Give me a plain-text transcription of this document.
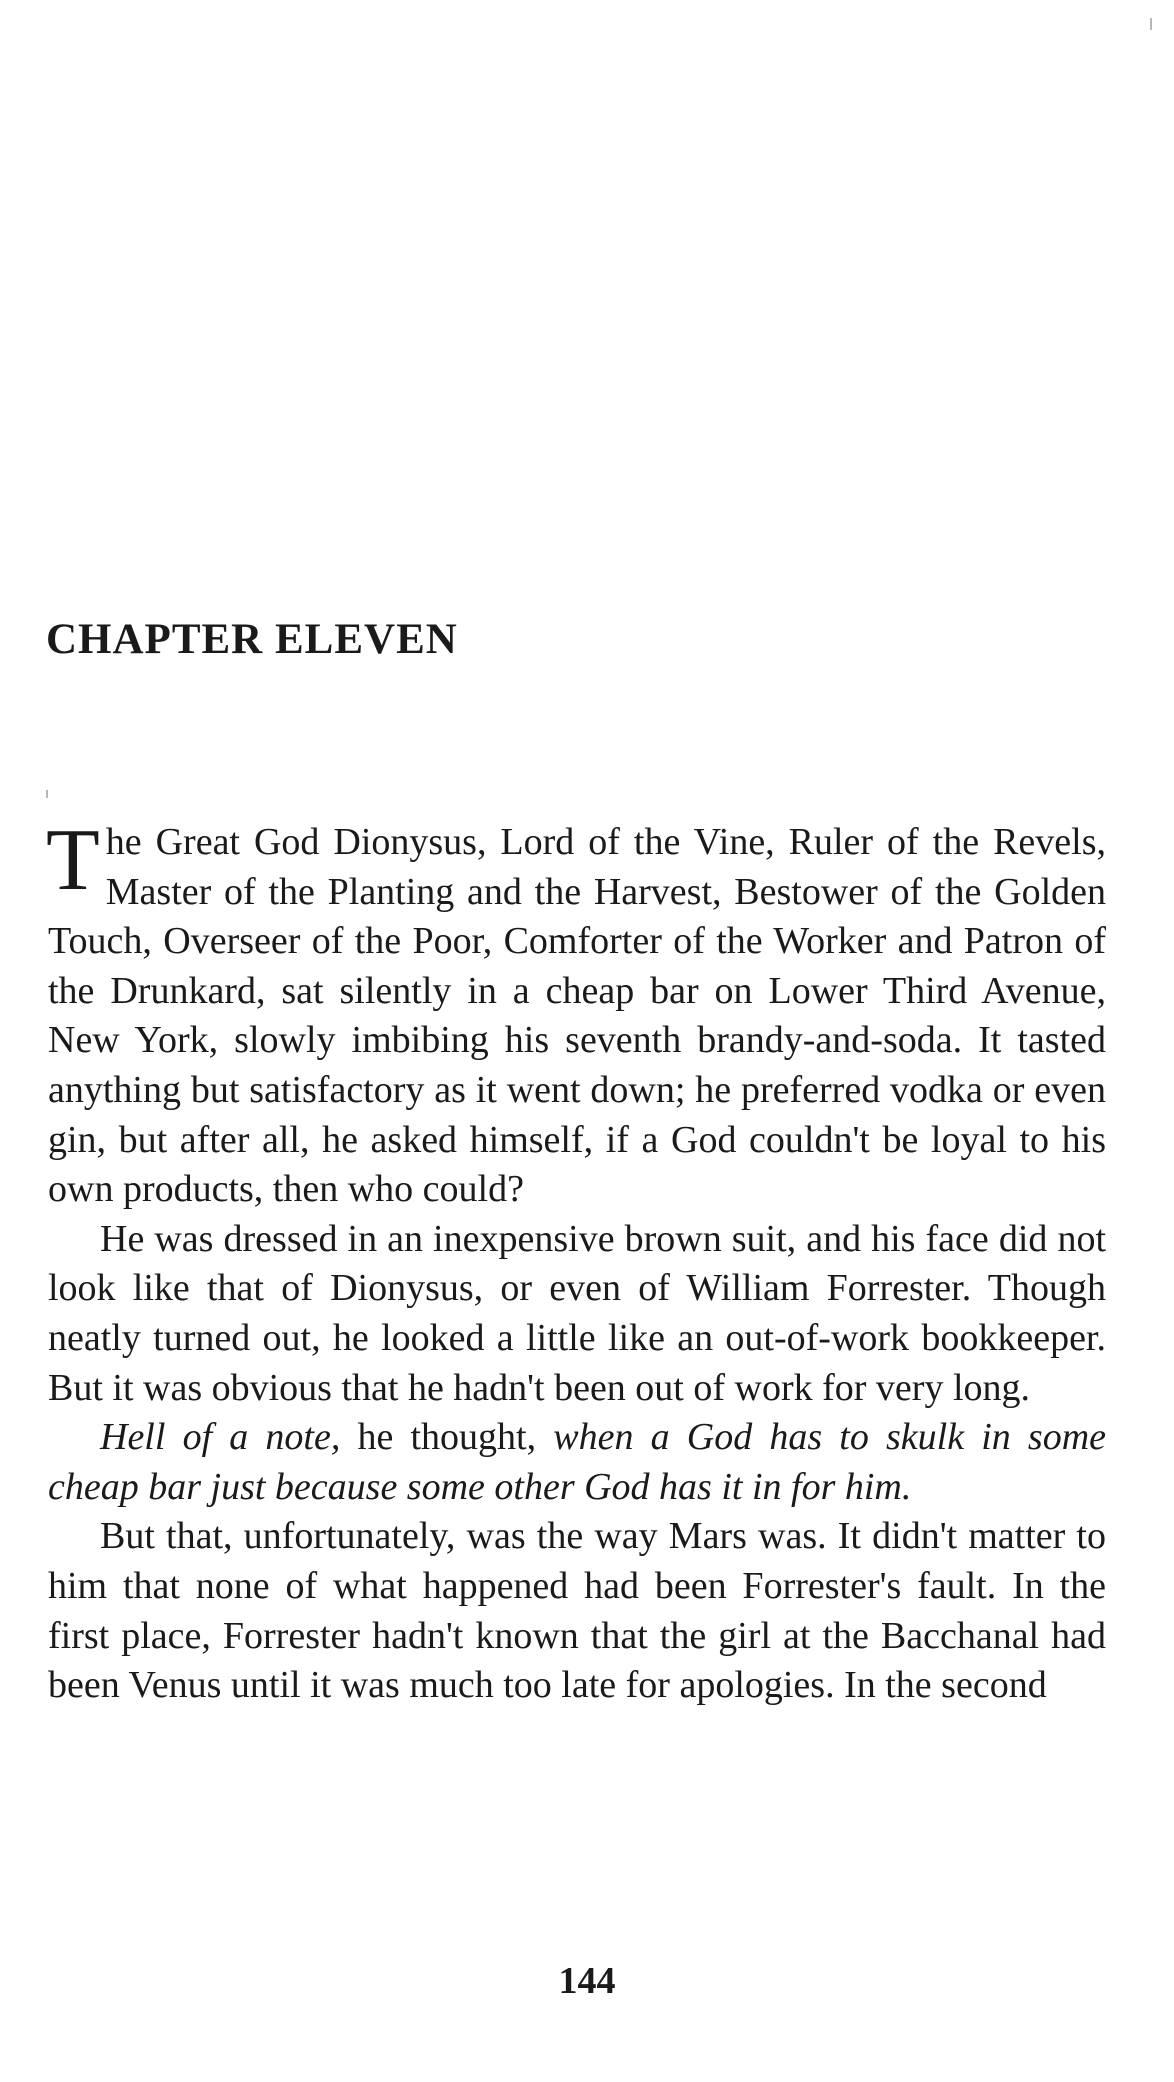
CHAPTER ELEVEN

The Great God Dionysus, Lord of the Vine, Ruler of the Revels, Master of the Planting and the Harvest, Bestower of the Golden Touch, Overseer of the Poor, Comforter of the Worker and Patron of the Drunkard, sat silently in a cheap bar on Lower Third Avenue, New York, slowly imbibing his seventh brandy-and-soda. It tasted anything but satisfactory as it went down; he preferred vodka or even gin, but after all, he asked himself, if a God couldn't be loyal to his own products, then who could?

He was dressed in an inexpensive brown suit, and his face did not look like that of Dionysus, or even of William Forrester. Though neatly turned out, he looked a little like an out-of-work bookkeeper. But it was obvious that he hadn't been out of work for very long.

Hell of a note, he thought, when a God has to skulk in some cheap bar just because some other God has it in for him.

But that, unfortunately, was the way Mars was. It didn't matter to him that none of what happened had been Forrester's fault. In the first place, Forrester hadn't known that the girl at the Bacchanal had been Venus until it was much too late for apologies. In the second

144
